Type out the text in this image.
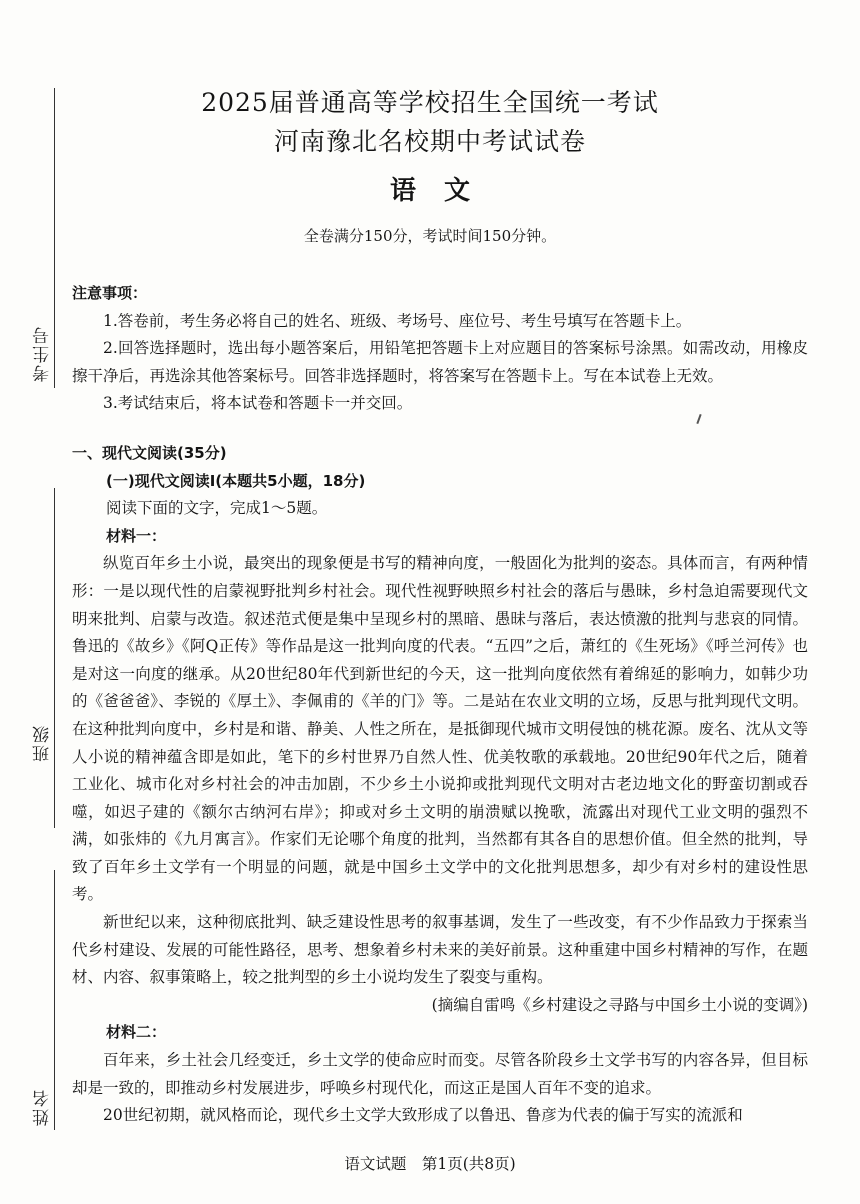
考生号
班级
姓名
2025届普通高等学校招生全国统一考试
河南豫北名校期中考试试卷
语文
全卷满分150分，考试时间150分钟。

注意事项：

1.答卷前，考生务必将自己的姓名、班级、考场号、座位号、考生号填写在答题卡上。

2.回答选择题时，选出每小题答案后，用铅笔把答题卡上对应题目的答案标号涂黑。如需改动，用橡皮擦干净后，再选涂其他答案标号。回答非选择题时，将答案写在答题卡上。写在本试卷上无效。

3.考试结束后，将本试卷和答题卡一并交回。

一、现代文阅读(35分)

(一)现代文阅读Ⅰ(本题共5小题，18分)

阅读下面的文字，完成1～5题。

材料一：

纵览百年乡土小说，最突出的现象便是书写的精神向度，一般固化为批判的姿态。具体而言，有两种情形：一是以现代性的启蒙视野批判乡村社会。现代性视野映照乡村社会的落后与愚昧，乡村急迫需要现代文明来批判、启蒙与改造。叙述范式便是集中呈现乡村的黑暗、愚昧与落后，表达愤激的批判与悲哀的同情。鲁迅的《故乡》《阿Q正传》等作品是这一批判向度的代表。“五四”之后，萧红的《生死场》《呼兰河传》也是对这一向度的继承。从20世纪80年代到新世纪的今天，这一批判向度依然有着绵延的影响力，如韩少功的《爸爸爸》、李锐的《厚土》、李佩甫的《羊的门》等。二是站在农业文明的立场，反思与批判现代文明。在这种批判向度中，乡村是和谐、静美、人性之所在，是抵御现代城市文明侵蚀的桃花源。废名、沈从文等人小说的精神蕴含即是如此，笔下的乡村世界乃自然人性、优美牧歌的承载地。20世纪90年代之后，随着工业化、城市化对乡村社会的冲击加剧，不少乡土小说抑或批判现代文明对古老边地文化的野蛮切割或吞噬，如迟子建的《额尔古纳河右岸》；抑或对乡土文明的崩溃赋以挽歌，流露出对现代工业文明的强烈不满，如张炜的《九月寓言》。作家们无论哪个角度的批判，当然都有其各自的思想价值。但全然的批判，导致了百年乡土文学有一个明显的问题，就是中国乡土文学中的文化批判思想多，却少有对乡村的建设性思考。

新世纪以来，这种彻底批判、缺乏建设性思考的叙事基调，发生了一些改变，有不少作品致力于探索当代乡村建设、发展的可能性路径，思考、想象着乡村未来的美好前景。这种重建中国乡村精神的写作，在题材、内容、叙事策略上，较之批判型的乡土小说均发生了裂变与重构。

(摘编自雷鸣《乡村建设之寻路与中国乡土小说的变调》)

材料二：

百年来，乡土社会几经变迁，乡土文学的使命应时而变。尽管各阶段乡土文学书写的内容各异，但目标却是一致的，即推动乡村发展进步，呼唤乡村现代化，而这正是国人百年不变的追求。

20世纪初期，就风格而论，现代乡土文学大致形成了以鲁迅、鲁彦为代表的偏于写实的流派和

语文试题　第1页(共8页)
